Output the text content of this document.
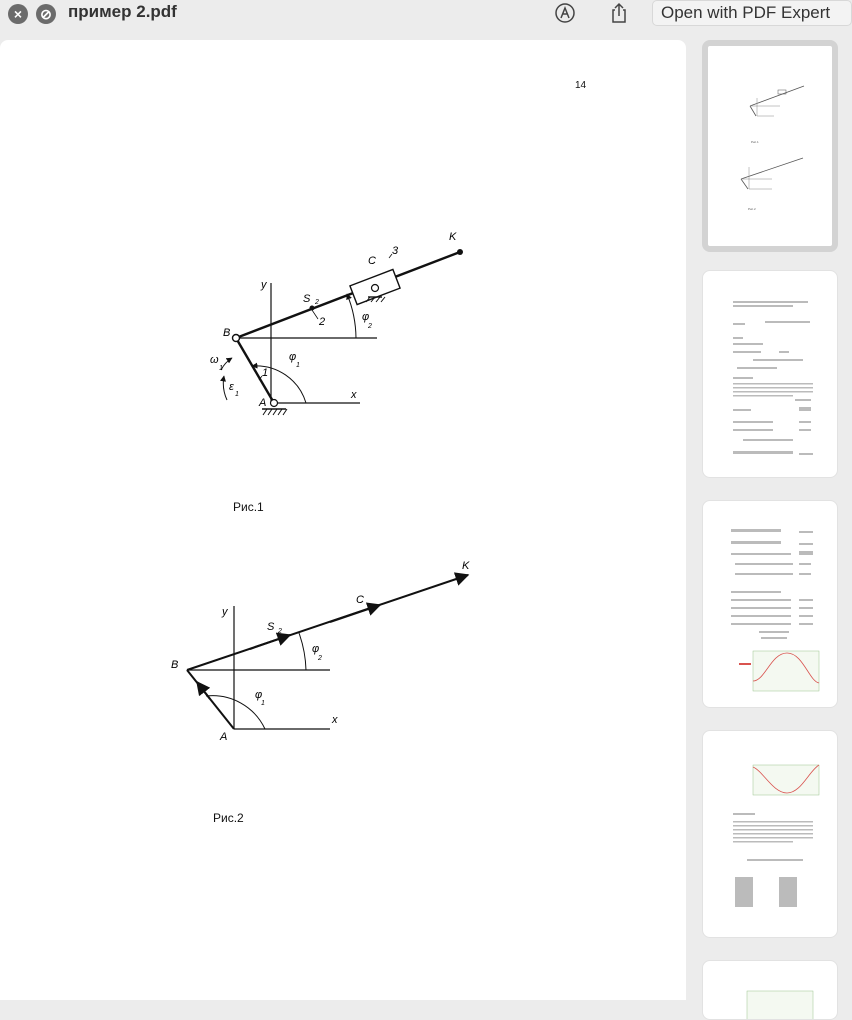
×	⊘ пример 2.pdf	Open with PDF Expert
14
K
C
3
y
S 2
2	φ
2
B
φ
1
ω
1	1
ε
1	x
A
Рис.1
K
C
y
S 2
φ
2
B
φ
1
x
A
Рис.2
Рис.1
Рис.2
